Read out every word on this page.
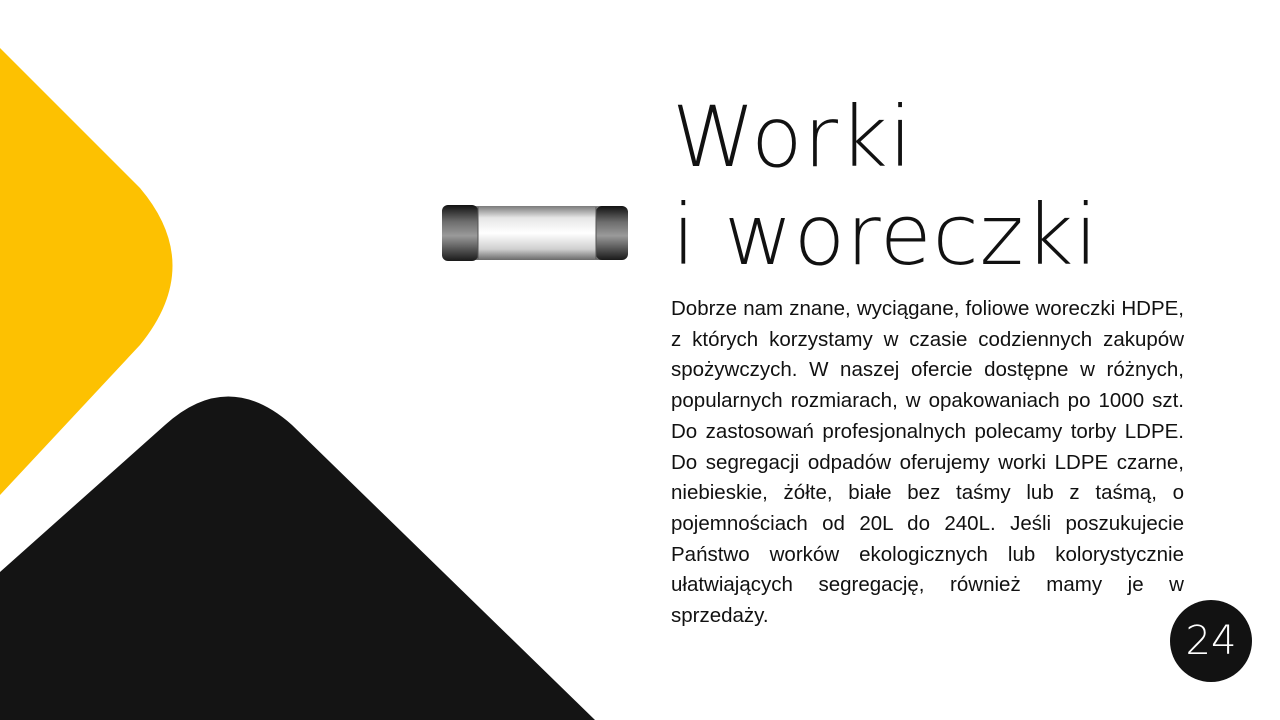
Worki
i woreczki

Dobrze nam znane, wyciągane, foliowe woreczki HDPE, z których korzystamy w czasie codziennych zakupów spożywczych. W naszej ofercie dostępne w różnych, popularnych rozmiarach, w opakowaniach po 1000 szt. Do zastosowań profesjonalnych polecamy torby LDPE. Do segregacji odpadów oferujemy worki LDPE czarne, niebieskie, żółte, białe bez taśmy lub z taśmą, o pojemnościach od 20L do 240L. Jeśli poszukujecie Państwo worków ekologicznych lub kolorystycznie ułatwiających segregację, również mamy je w sprzedaży.

24
